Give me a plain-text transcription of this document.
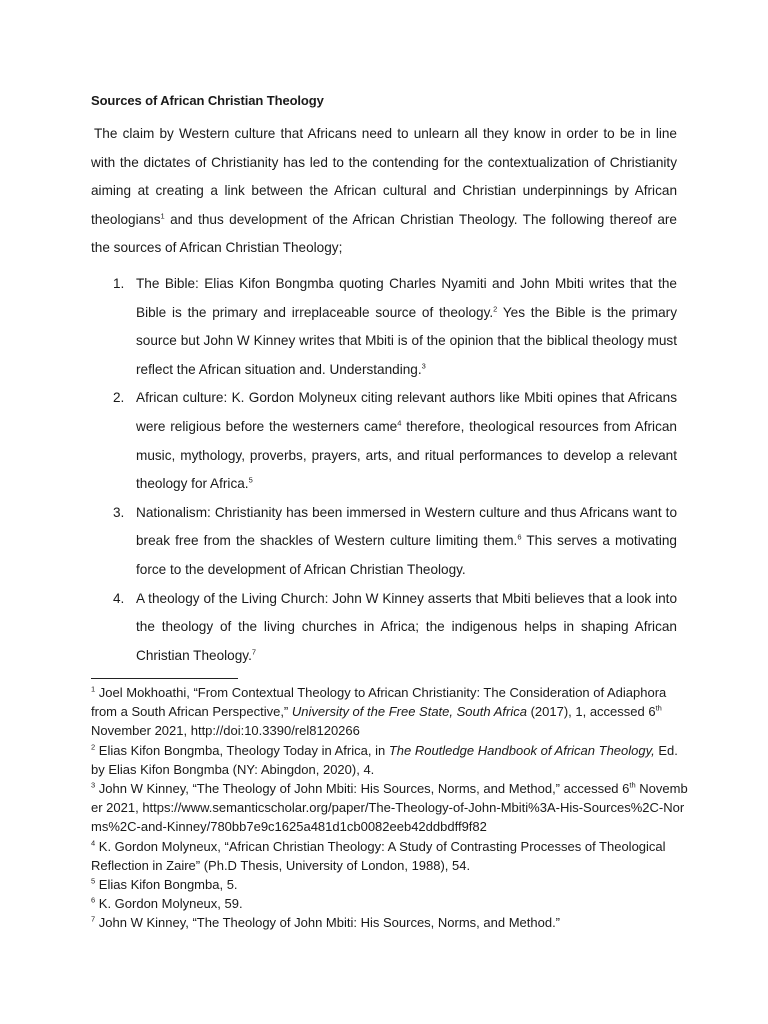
Sources of African Christian Theology

The claim by Western culture that Africans need to unlearn all they know in order to be in line with the dictates of Christianity has led to the contending for the contextualization of Christianity aiming at creating a link between the African cultural and Christian underpinnings by African theologians$^1$ and thus development of the African Christian Theology. The following thereof are the sources of African Christian Theology;

1. The Bible: Elias Kifon Bongmba quoting Charles Nyamiti and John Mbiti writes that the Bible is the primary and irreplaceable source of theology.$^2$ Yes the Bible is the primary source but John W Kinney writes that Mbiti is of the opinion that the biblical theology must reflect the African situation and. Understanding.$^3$
2. African culture: K. Gordon Molyneux citing relevant authors like Mbiti opines that Africans were religious before the westerners came$^4$ therefore, theological resources from African music, mythology, proverbs, prayers, arts, and ritual performances to develop a relevant theology for Africa.$^5$
3. Nationalism: Christianity has been immersed in Western culture and thus Africans want to break free from the shackles of Western culture limiting them.$^6$ This serves a motivating force to the development of African Christian Theology.
4. A theology of the Living Church: John W Kinney asserts that Mbiti believes that a look into the theology of the living churches in Africa; the indigenous helps in shaping African Christian Theology.$^7$
$^1$ Joel Mokhoathi, “From Contextual Theology to African Christianity: The Consideration of Adiaphora from a South African Perspective,” University of the Free State, South Africa (2017), 1, accessed 6th November 2021, http://doi:10.3390/rel8120266
$^2$ Elias Kifon Bongmba, Theology Today in Africa, in The Routledge Handbook of African Theology, Ed. by Elias Kifon Bongmba (NY: Abingdon, 2020), 4.
$^3$ John W Kinney, “The Theology of John Mbiti: His Sources, Norms, and Method,” accessed 6th November 2021, https://www.semanticscholar.org/paper/The-Theology-of-John-Mbiti%3A-His-Sources%2C-Norms%2C-and-Kinney/780bb7e9c1625a481d1cb0082eeb42ddbdff9f82
$^4$ K. Gordon Molyneux, “African Christian Theology: A Study of Contrasting Processes of Theological Reflection in Zaire” (Ph.D Thesis, University of London, 1988), 54.
$^5$ Elias Kifon Bongmba, 5.
$^6$ K. Gordon Molyneux, 59.
$^7$ John W Kinney, “The Theology of John Mbiti: His Sources, Norms, and Method.”
